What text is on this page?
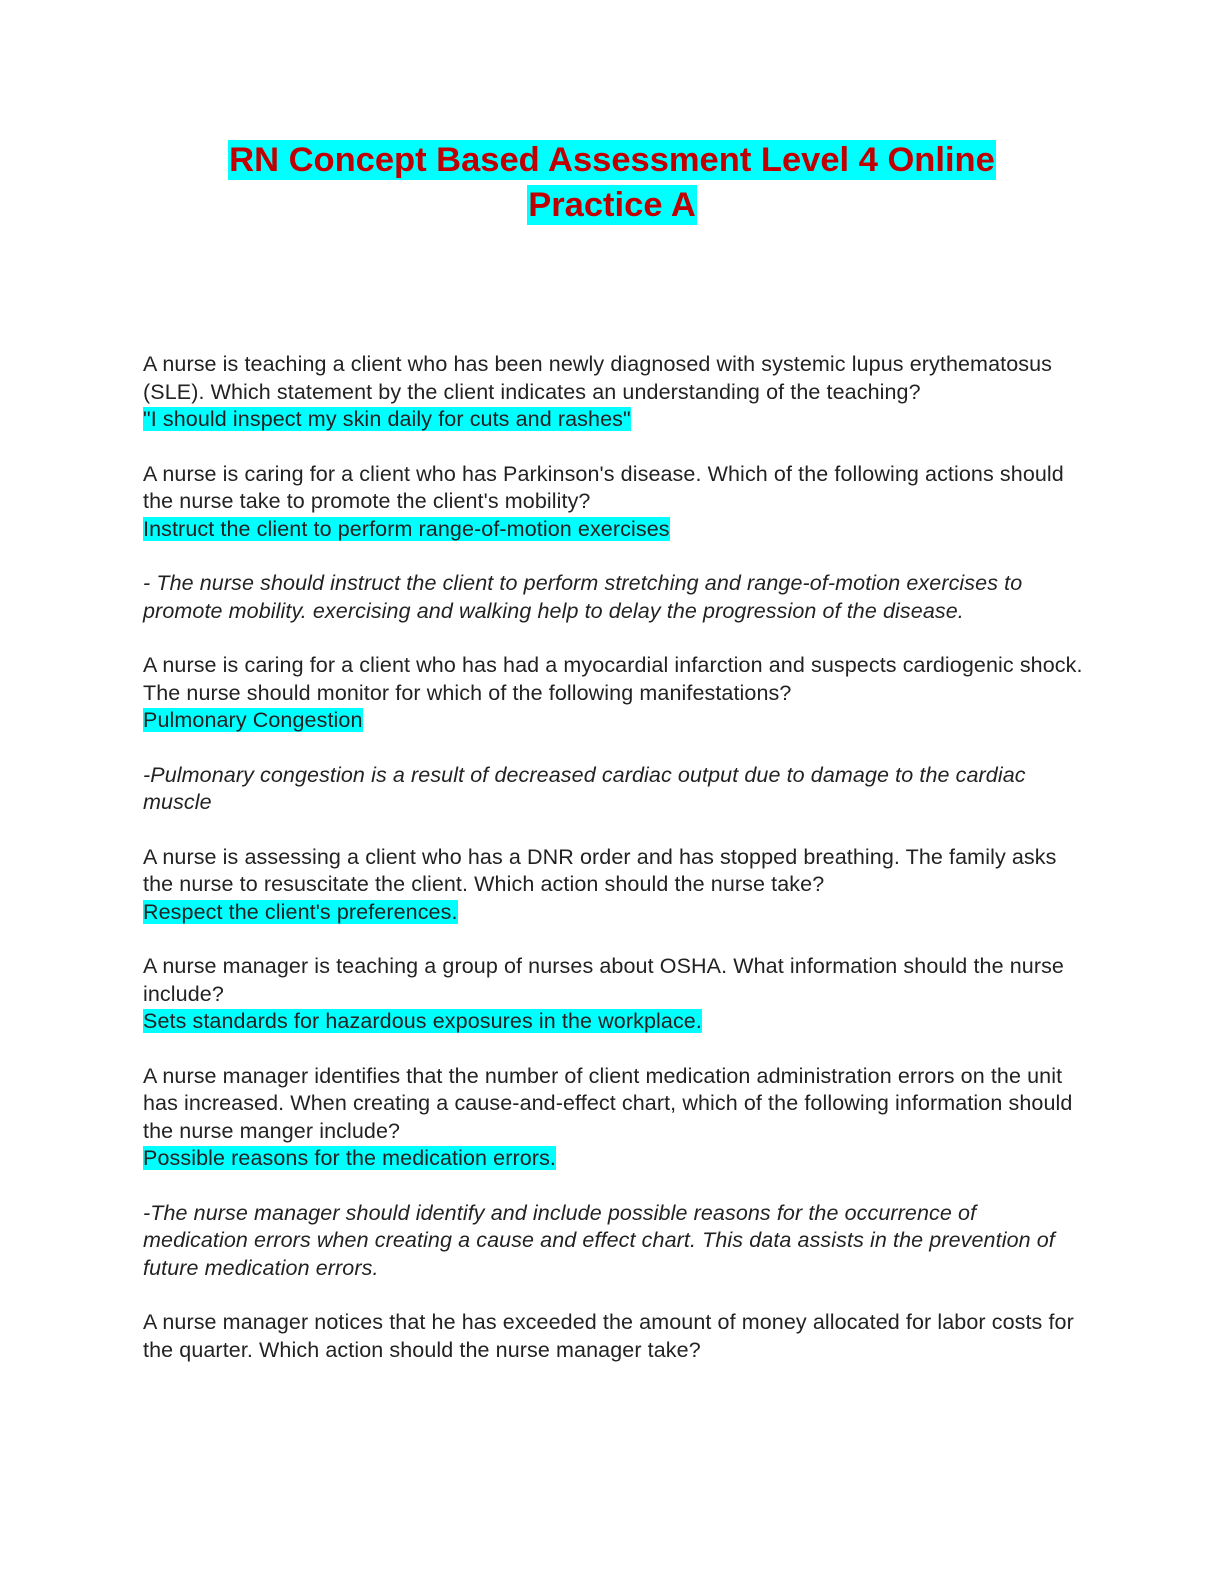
RN Concept Based Assessment Level 4 Online
Practice A
A nurse is teaching a client who has been newly diagnosed with systemic lupus erythematosus (SLE). Which statement by the client indicates an understanding of the teaching?
"I should inspect my skin daily for cuts and rashes"
A nurse is caring for a client who has Parkinson's disease. Which of the following actions should the nurse take to promote the client's mobility?
Instruct the client to perform range-of-motion exercises
- The nurse should instruct the client to perform stretching and range-of-motion exercises to promote mobility. exercising and walking help to delay the progression of the disease.
A nurse is caring for a client who has had a myocardial infarction and suspects cardiogenic shock. The nurse should monitor for which of the following manifestations?
Pulmonary Congestion
-Pulmonary congestion is a result of decreased cardiac output due to damage to the cardiac muscle
A nurse is assessing a client who has a DNR order and has stopped breathing. The family asks the nurse to resuscitate the client. Which action should the nurse take?
Respect the client's preferences.
A nurse manager is teaching a group of nurses about OSHA. What information should the nurse include?
Sets standards for hazardous exposures in the workplace.
A nurse manager identifies that the number of client medication administration errors on the unit has increased. When creating a cause-and-effect chart, which of the following information should the nurse manger include?
Possible reasons for the medication errors.
-The nurse manager should identify and include possible reasons for the occurrence of medication errors when creating a cause and effect chart. This data assists in the prevention of future medication errors.
A nurse manager notices that he has exceeded the amount of money allocated for labor costs for the quarter. Which action should the nurse manager take?
